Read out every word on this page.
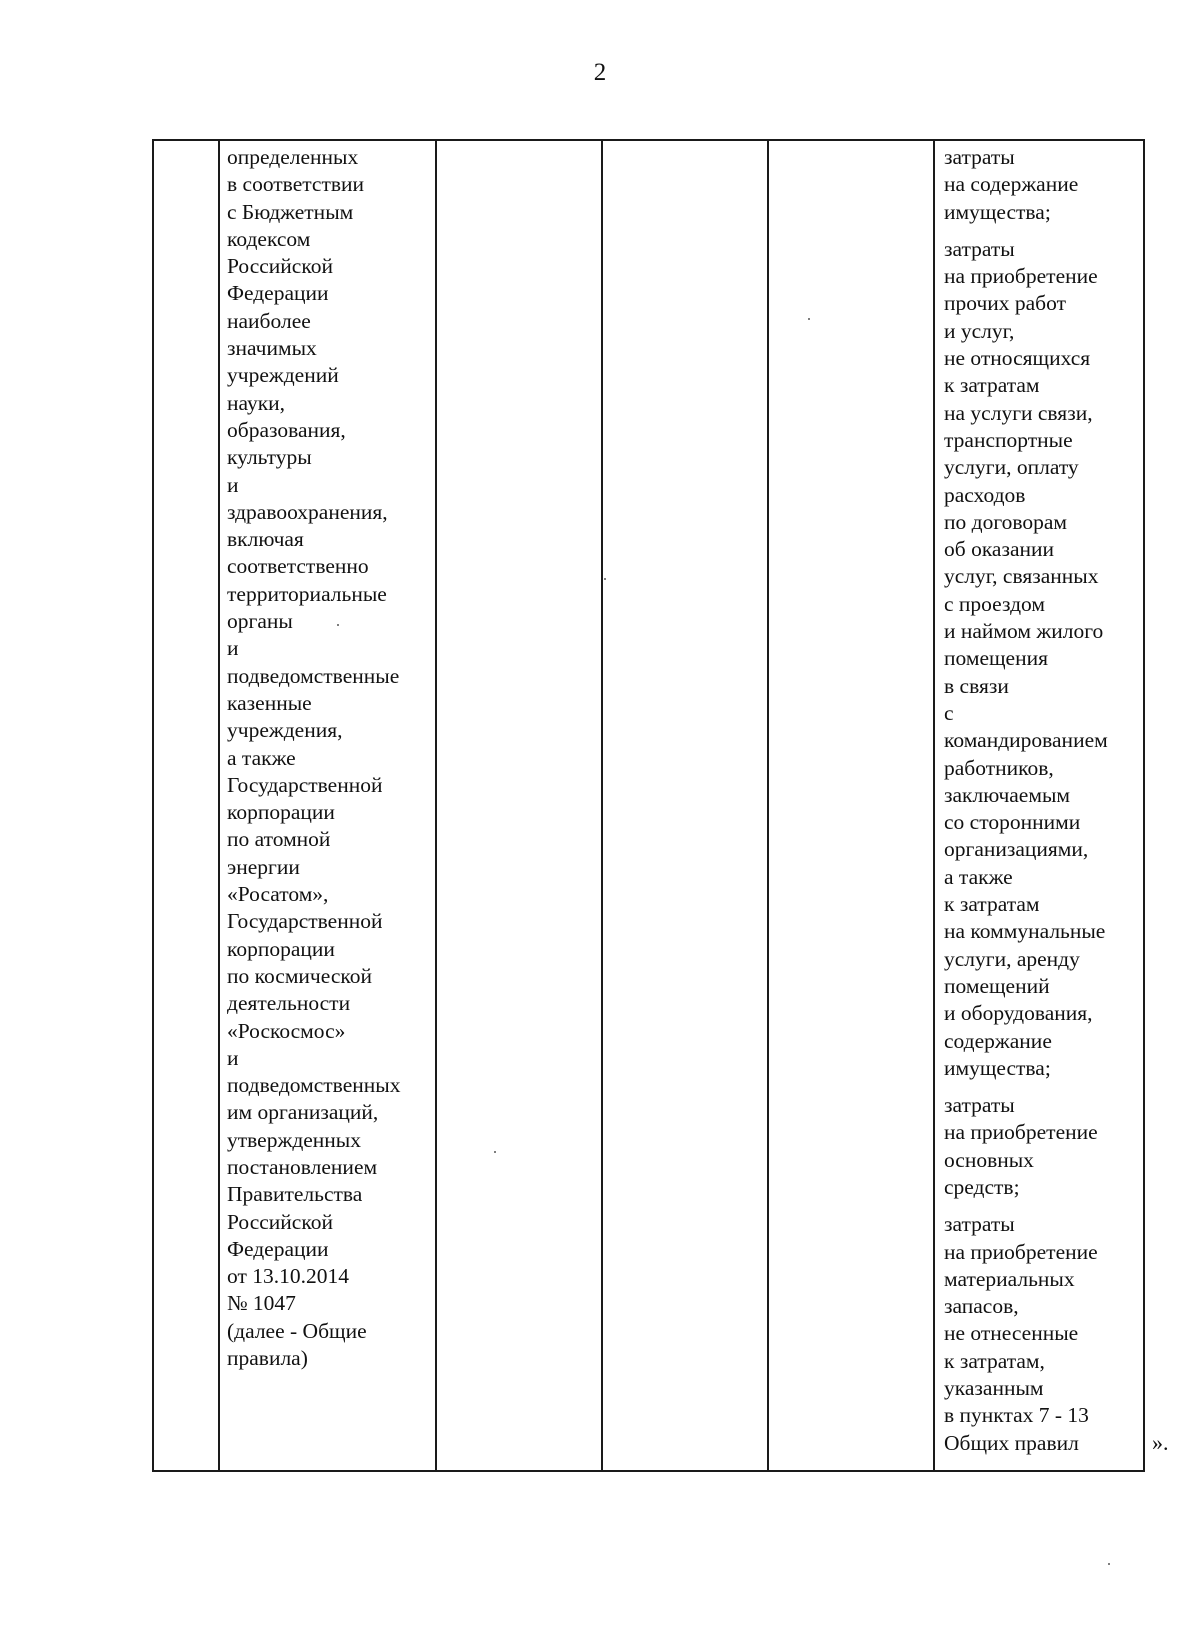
2
определенных
в соответствии
с Бюджетным
кодексом
Российской
Федерации
наиболее
значимых
учреждений
науки,
образования,
культуры
и
здравоохранения,
включая
соответственно
территориальные
органы
и
подведомственные
казенные
учреждения,
а также
Государственной
корпорации
по атомной
энергии
«Росатом»,
Государственной
корпорации
по космической
деятельности
«Роскосмос»
и
подведомственных
им организаций,
утвержденных
постановлением
Правительства
Российской
Федерации
от 13.10.2014
№ 1047
(далее - Общие
правила)
затраты
на содержание
имущества;
затраты
на приобретение
прочих работ
и услуг,
не относящихся
к затратам
на услуги связи,
транспортные
услуги, оплату
расходов
по договорам
об оказании
услуг, связанных
с проездом
и наймом жилого
помещения
в связи
с
командированием
работников,
заключаемым
со сторонними
организациями,
а также
к затратам
на коммунальные
услуги, аренду
помещений
и оборудования,
содержание
имущества;
затраты
на приобретение
основных
средств;
затраты
на приобретение
материальных
запасов,
не отнесенные
к затратам,
указанным
в пунктах 7 - 13
Общих правил	».
